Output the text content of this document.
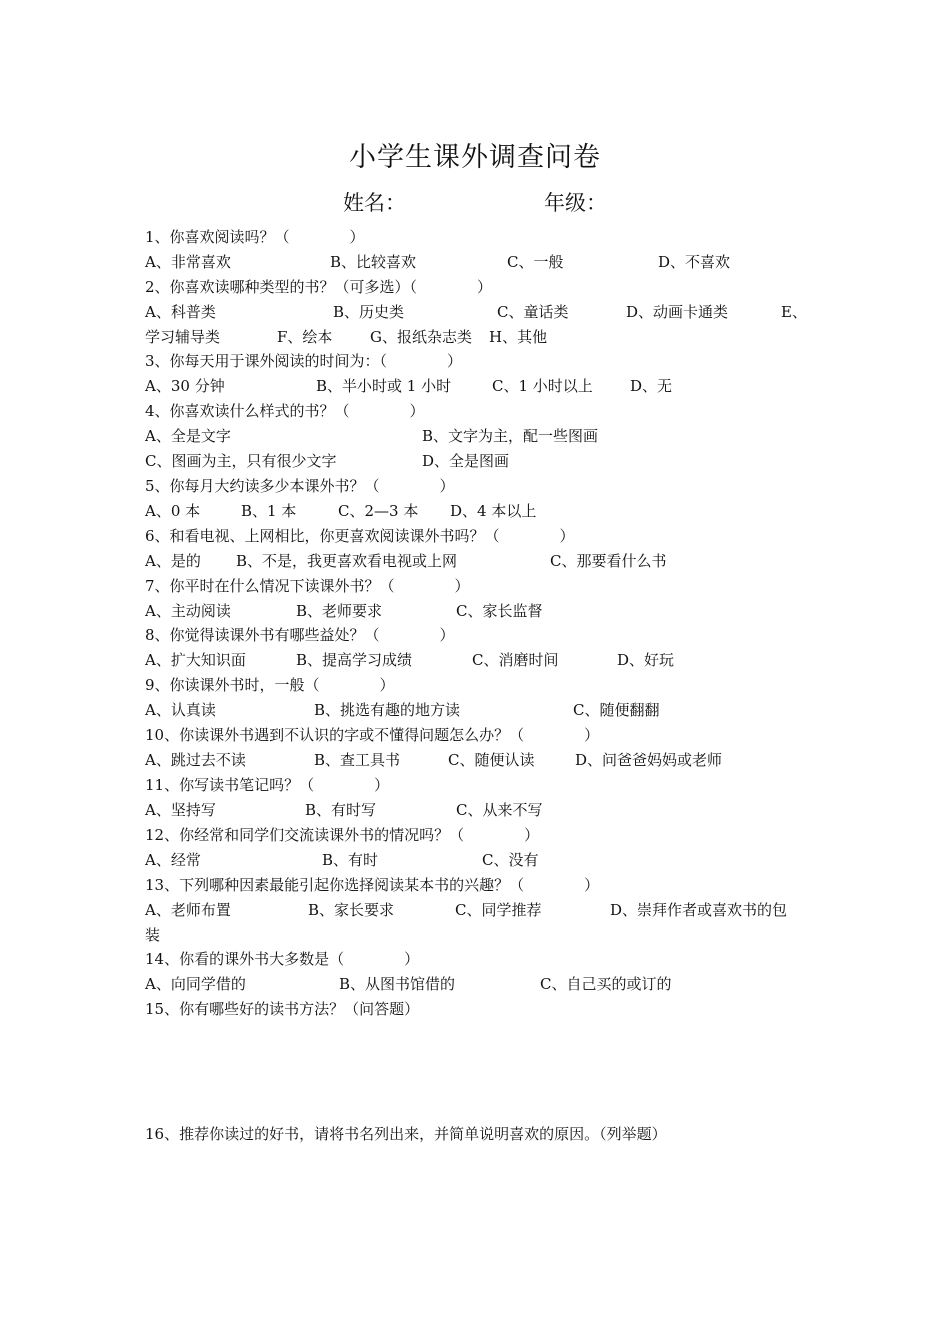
小学生课外调查问卷
姓名：	年级：
1、你喜欢阅读吗？（　　　　）
A、非常喜欢	B、比较喜欢	C、一般	D、不喜欢
2、你喜欢读哪种类型的书？（可多选）（　　　　）
A、科普类	B、历史类	C、童话类	D、动画卡通类	E、
学习辅导类	F、绘本	G、报纸杂志类 H、其他
3、你每天用于课外阅读的时间为：（　　　　）
A、30 分钟	B、半小时或 1 小时	C、1 小时以上 D、无
4、你喜欢读什么样式的书？（　　　　）
A、全是文字	B、文字为主，配一些图画
C、图画为主，只有很少文字	D、全是图画
5、你每月大约读多少本课外书？（　　　　）
A、0 本	B、1 本	C、2—3 本 D、4 本以上
6、和看电视、上网相比，你更喜欢阅读课外书吗？（　　　　）
A、是的 B、不是，我更喜欢看电视或上网	C、那要看什么书
7、你平时在什么情况下读课外书？（　　　　）
A、主动阅读	B、老师要求	C、家长监督
8、你觉得读课外书有哪些益处？（　　　　）
A、扩大知识面	B、提高学习成绩	C、消磨时间	D、好玩
9、你读课外书时，一般（　　　　）
A、认真读	B、挑选有趣的地方读	C、随便翻翻
10、你读课外书遇到不认识的字或不懂得问题怎么办？（　　　　）
A、跳过去不读	B、查工具书	C、随便认读	D、问爸爸妈妈或老师
11、你写读书笔记吗？（　　　　）
A、坚持写	B、有时写	C、从来不写
12、你经常和同学们交流读课外书的情况吗？（　　　　）
A、经常	B、有时	C、没有
13、下列哪种因素最能引起你选择阅读某本书的兴趣？（　　　　）
A、老师布置	B、家长要求	C、同学推荐	D、崇拜作者或喜欢书的包
装
14、你看的课外书大多数是（　　　　）
A、向同学借的	B、从图书馆借的	C、自己买的或订的
15、你有哪些好的读书方法？（问答题）
16、推荐你读过的好书，请将书名列出来，并简单说明喜欢的原因。（列举题）
